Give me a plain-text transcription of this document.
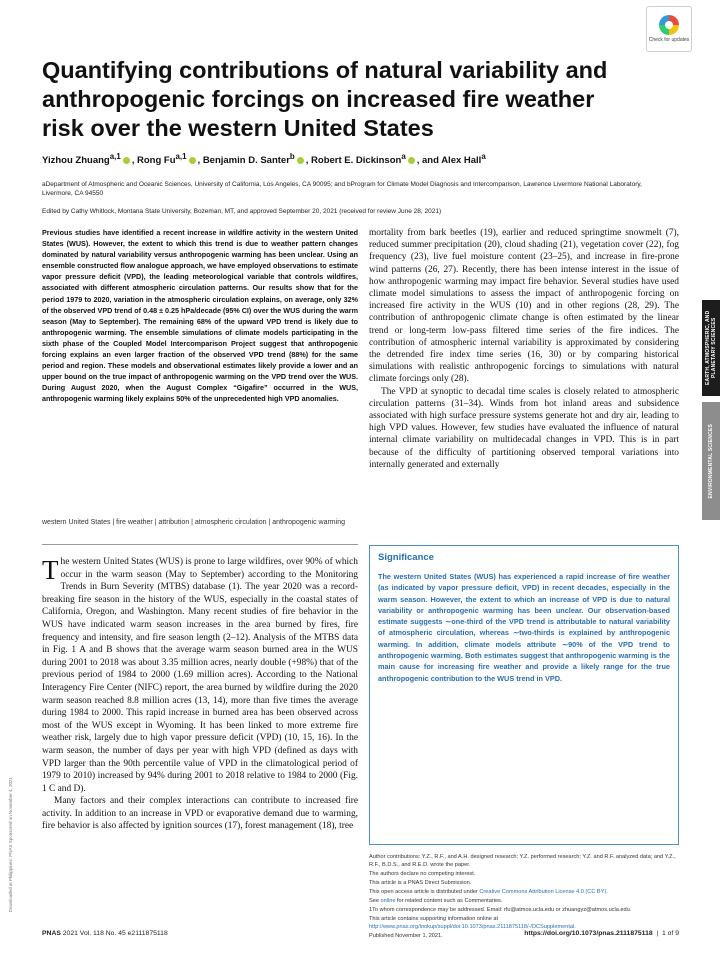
Check for updates
Quantifying contributions of natural variability and anthropogenic forcings on increased fire weather risk over the western United States
Yizhou Zhuang$^{a,1}$ , Rong Fu$^{a,1}$ , Benjamin D. Santer$^b$ , Robert E. Dickinson$^a$ , and Alex Hall$^a$
aDepartment of Atmospheric and Oceanic Sciences, University of California, Los Angeles, CA 90095; and bProgram for Climate Model Diagnosis and Intercomparison, Lawrence Livermore National Laboratory, Livermore, CA 94550
Edited by Cathy Whitlock, Montana State University, Bozeman, MT, and approved September 20, 2021 (received for review June 28, 2021)

Previous studies have identified a recent increase in wildfire activity in the western United States (WUS). However, the extent to which this trend is due to weather pattern changes dominated by natural variability versus anthropogenic warming has been unclear. Using an ensemble constructed flow analogue approach, we have employed observations to estimate vapor pressure deficit (VPD), the leading meteorological variable that controls wildfires, associated with different atmospheric circulation patterns. Our results show that for the period 1979 to 2020, variation in the atmospheric circulation explains, on average, only 32% of the observed VPD trend of 0.48 ± 0.25 hPa/decade (95% CI) over the WUS during the warm season (May to September). The remaining 68% of the upward VPD trend is likely due to anthropogenic warming. The ensemble simulations of climate models participating in the sixth phase of the Coupled Model Intercomparison Project suggest that anthropogenic forcing explains an even larger fraction of the observed VPD trend (88%) for the same period and region. These models and observational estimates likely provide a lower and an upper bound on the true impact of anthropogenic warming on the VPD trend over the WUS. During August 2020, when the August Complex “Gigafire” occurred in the WUS, anthropogenic warming likely explains 50% of the unprecedented high VPD anomalies.

western United States | fire weather | attribution | atmospheric circulation | anthropogenic warming

The western United States (WUS) is prone to large wildfires, over 90% of which occur in the warm season (May to September) according to the Monitoring Trends in Burn Severity (MTBS) database (1). The year 2020 was a record-breaking fire season in the history of the WUS, especially in the coastal states of California, Oregon, and Washington. Many recent studies of fire behavior in the WUS have indicated warm season increases in the area burned by fires, fire frequency and intensity, and fire season length (2–12). Analysis of the MTBS data in Fig. 1 A and B shows that the average warm season burned area in the WUS during 2001 to 2018 was about 3.35 million acres, nearly double (+98%) that of the previous period of 1984 to 2000 (1.69 million acres). According to the National Interagency Fire Center (NIFC) report, the area burned by wildfire during the 2020 warm season reached 8.8 million acres (13, 14), more than five times the average during 1984 to 2000. This rapid increase in burned area has been observed across most of the WUS except in Wyoming. It has been linked to more extreme fire weather risk, largely due to high vapor pressure deficit (VPD) (10, 15, 16). In the warm season, the number of days per year with high VPD (defined as days with VPD larger than the 90th percentile value of VPD in the climatological period of 1979 to 2010) increased by 94% during 2001 to 2018 relative to 1984 to 2000 (Fig. 1 C and D).

Many factors and their complex interactions can contribute to increased fire activity. In addition to an increase in VPD or evaporative demand due to warming, fire behavior is also affected by ignition sources (17), forest management (18), tree

mortality from bark beetles (19), earlier and reduced springtime snowmelt (7), reduced summer precipitation (20), cloud shading (21), vegetation cover (22), fog frequency (23), live fuel moisture content (23–25), and increase in fire-prone wind patterns (26, 27). Recently, there has been intense interest in the issue of how anthropogenic warming may impact fire behavior. Several studies have used climate model simulations to assess the impact of anthropogenic forcing on increased fire activity in the WUS (10) and in other regions (28, 29). The contribution of anthropogenic climate change is often estimated by the linear trend or long-term low-pass filtered time series of the fire indices. The contribution of atmospheric internal variability is approximated by considering the detrended fire index time series (16, 30) or by comparing historical simulations with realistic anthropogenic forcings to simulations with natural climate forcings only (28).

The VPD at synoptic to decadal time scales is closely related to atmospheric circulation patterns (31–34). Winds from hot inland areas and subsidence associated with high surface pressure systems generate hot and dry air, leading to high VPD values. However, few studies have evaluated the influence of natural internal climate variability on multidecadal changes in VPD. This is in part because of the difficulty of partitioning observed temporal variations into internally generated and externally

Significance

The western United States (WUS) has experienced a rapid increase of fire weather (as indicated by vapor pressure deficit, VPD) in recent decades, especially in the warm season. However, the extent to which an increase of VPD is due to natural variability or anthropogenic warming has been unclear. Our observation-based estimate suggests ∼one-third of the VPD trend is attributable to natural variability of atmospheric circulation, whereas ∼two-thirds is explained by anthropogenic warming. In addition, climate models attribute ∼90% of the VPD trend to anthropogenic warming. Both estimates suggest that anthropogenic warming is the main cause for increasing fire weather and provide a likely range for the true anthropogenic contribution to the WUS trend in VPD.

Author contributions: Y.Z., R.F., and A.H. designed research; Y.Z. performed research; Y.Z. and R.F. analyzed data; and Y.Z., R.F., B.D.S., and R.E.D. wrote the paper.
The authors declare no competing interest.
This article is a PNAS Direct Submission.
This open access article is distributed under Creative Commons Attribution License 4.0 (CC BY).
See online for related content such as Commentaries.
1To whom correspondence may be addressed. Email: rfu@atmos.ucla.edu or zhuangyz@atmos.ucla.edu.
This article contains supporting information online at http://www.pnas.org/lookup/suppl/doi:10.1073/pnas.2111875118/-/DCSupplemental.
Published November 1, 2021.
EARTH, ATMOSPHERIC, AND PLANETARY SCIENCES
ENVIRONMENTAL SCIENCES
Downloaded at Philippines: PNAS Sponsored on November 4, 2021
PNAS 2021 Vol. 118 No. 45 e2111875118	https://doi.org/10.1073/pnas.2111875118  |  1 of 9
